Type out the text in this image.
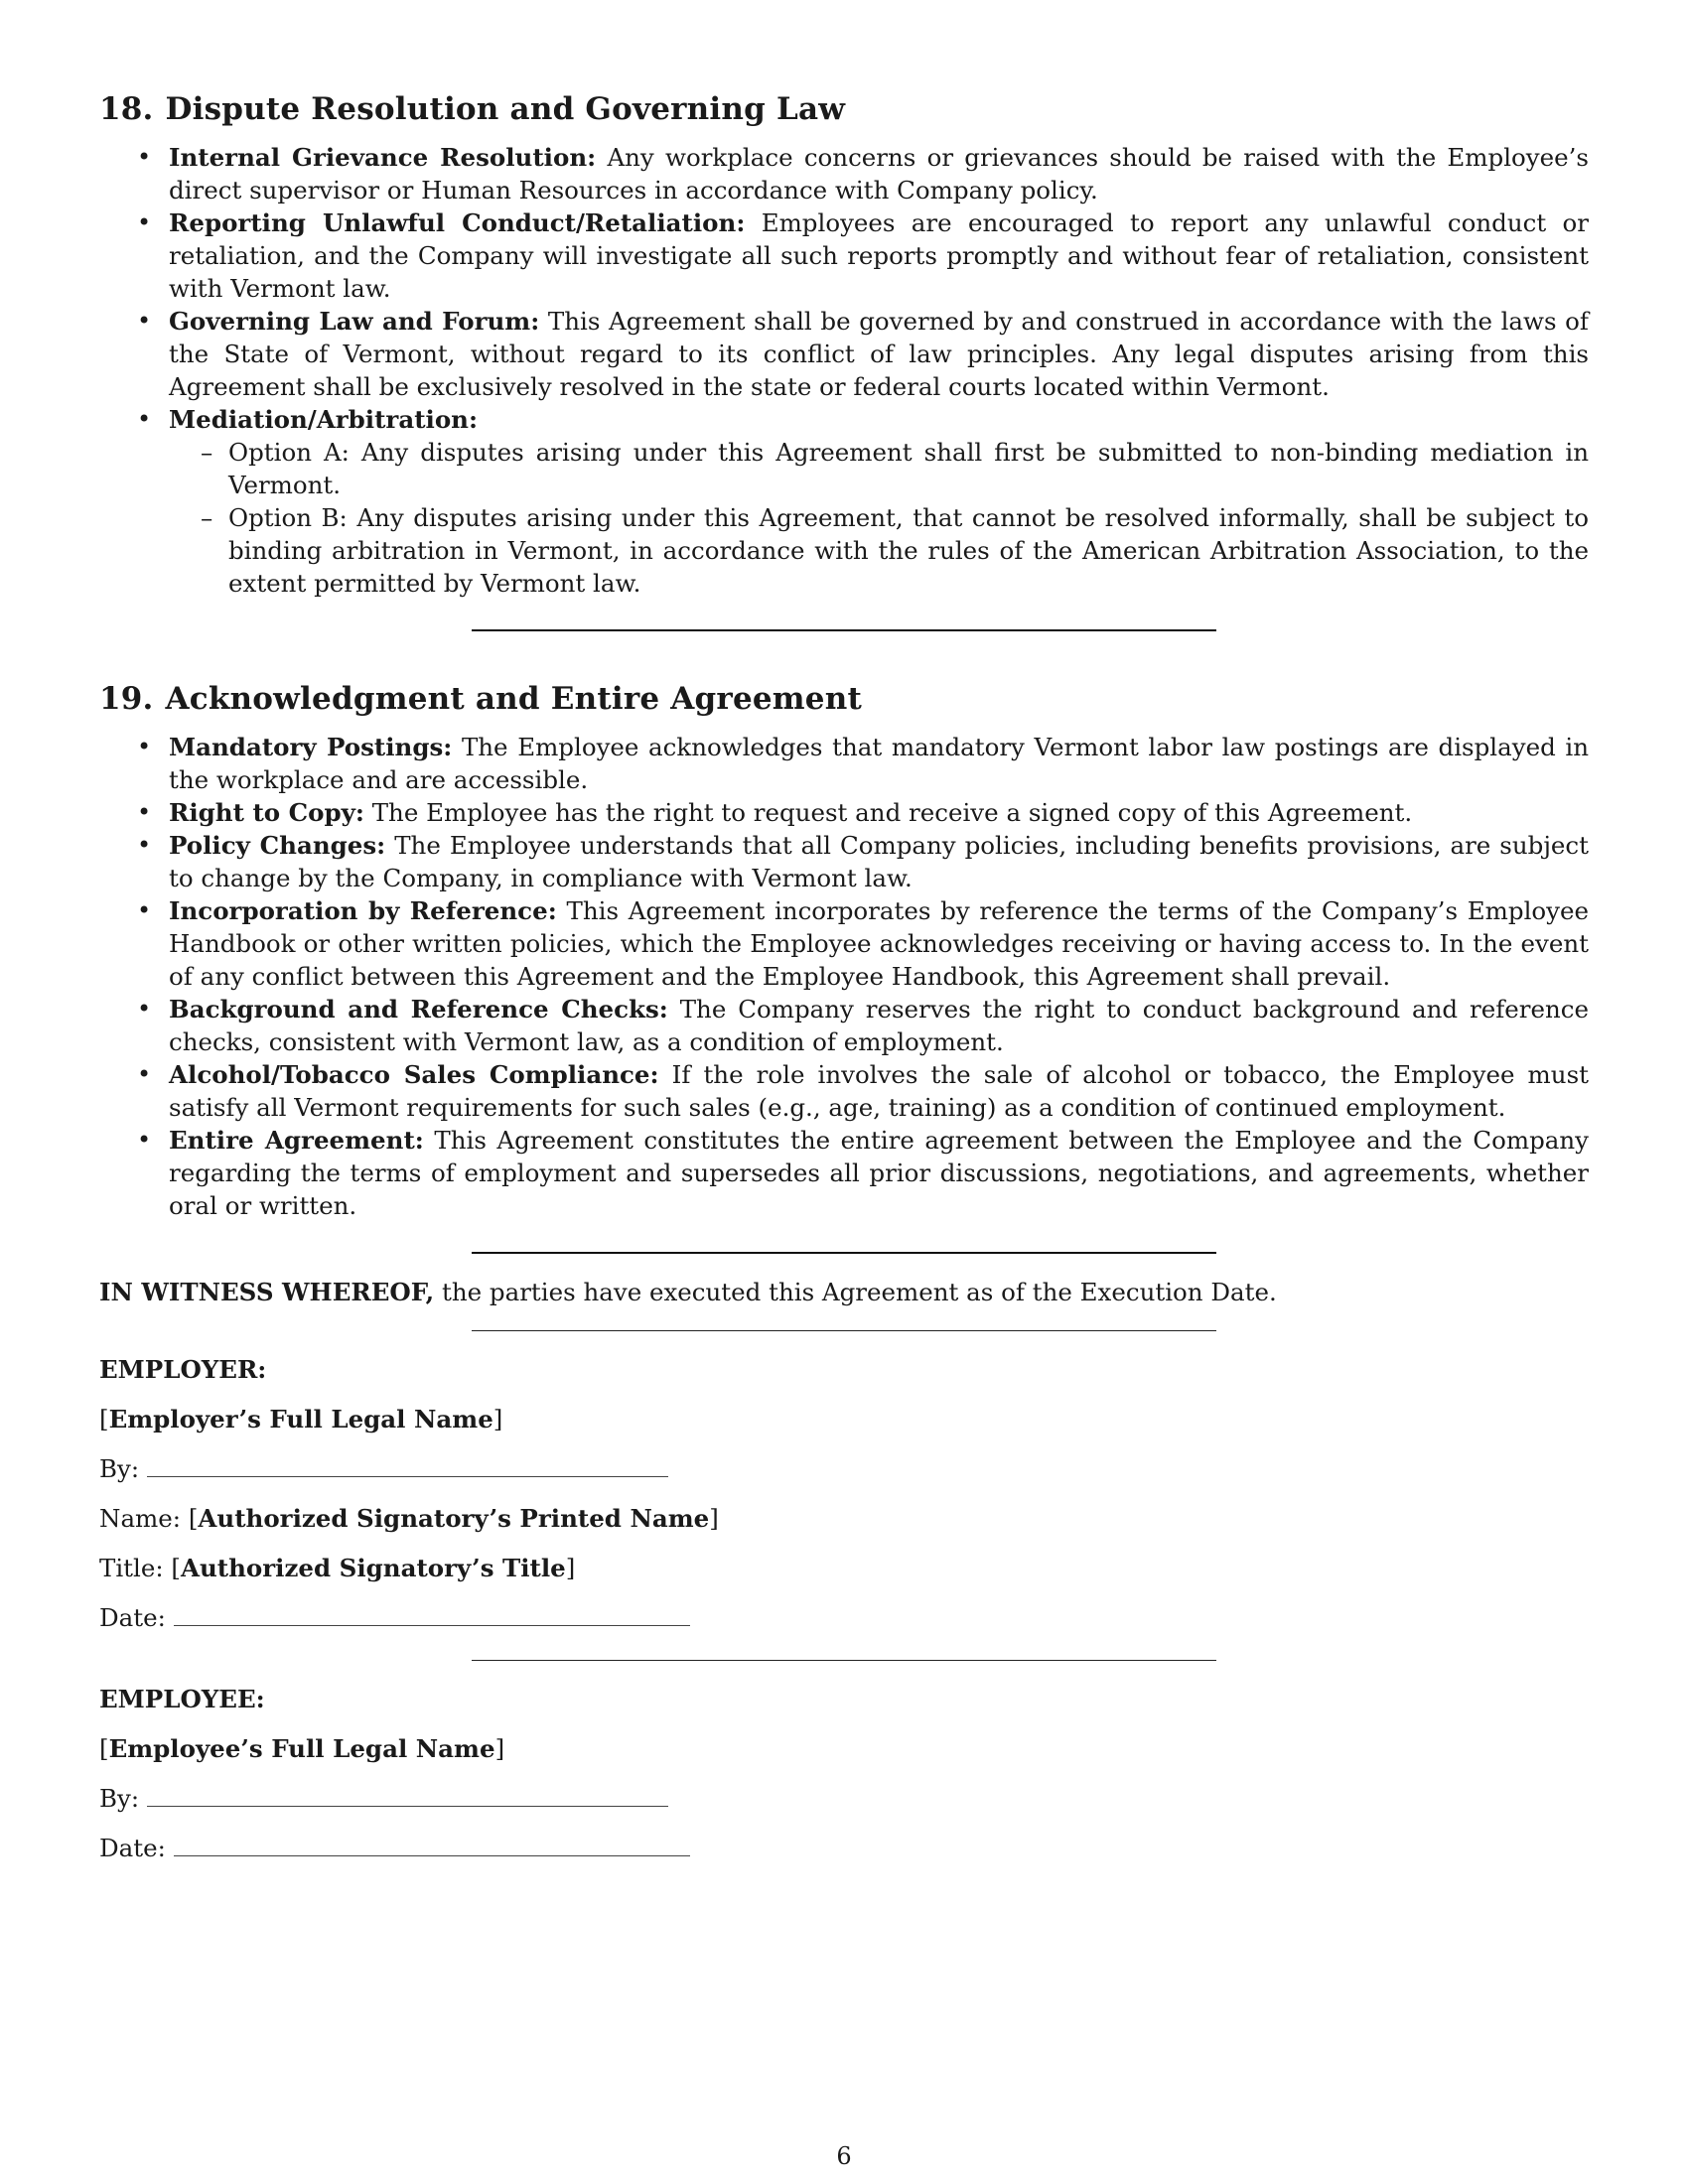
18. Dispute Resolution and Governing Law
• Internal Grievance Resolution: Any workplace concerns or grievances should be raised with the Employee’s direct supervisor or Human Resources in accordance with Company policy.
• Reporting Unlawful Conduct/Retaliation: Employees are encouraged to report any unlawful conduct or retaliation, and the Company will investigate all such reports promptly and without fear of retaliation, consistent with Vermont law.
• Governing Law and Forum: This Agreement shall be governed by and construed in accordance with the laws of the State of Vermont, without regard to its conflict of law principles. Any legal disputes arising from this Agreement shall be exclusively resolved in the state or federal courts located within Vermont.
• Mediation/Arbitration:
– Option A: Any disputes arising under this Agreement shall first be submitted to non-binding mediation in Vermont.
– Option B: Any disputes arising under this Agreement, that cannot be resolved informally, shall be subject to binding arbitration in Vermont, in accordance with the rules of the American Arbitration Association, to the extent permitted by Vermont law.
19. Acknowledgment and Entire Agreement
• Mandatory Postings: The Employee acknowledges that mandatory Vermont labor law postings are displayed in the workplace and are accessible.
• Right to Copy: The Employee has the right to request and receive a signed copy of this Agreement.
• Policy Changes: The Employee understands that all Company policies, including benefits provisions, are subject to change by the Company, in compliance with Vermont law.
• Incorporation by Reference: This Agreement incorporates by reference the terms of the Company’s Employee Handbook or other written policies, which the Employee acknowledges receiving or having access to. In the event of any conflict between this Agreement and the Employee Handbook, this Agreement shall prevail.
• Background and Reference Checks: The Company reserves the right to conduct background and reference checks, consistent with Vermont law, as a condition of employment.
• Alcohol/Tobacco Sales Compliance: If the role involves the sale of alcohol or tobacco, the Employee must satisfy all Vermont requirements for such sales (e.g., age, training) as a condition of continued employment.
• Entire Agreement: This Agreement constitutes the entire agreement between the Employee and the Company regarding the terms of employment and supersedes all prior discussions, negotiations, and agreements, whether oral or written.

IN WITNESS WHEREOF, the parties have executed this Agreement as of the Execution Date.

EMPLOYER:
[Employer’s Full Legal Name]
By:
Name: [Authorized Signatory’s Printed Name]
Title: [Authorized Signatory’s Title]
Date:
EMPLOYEE:
[Employee’s Full Legal Name]
By:
Date:
6
